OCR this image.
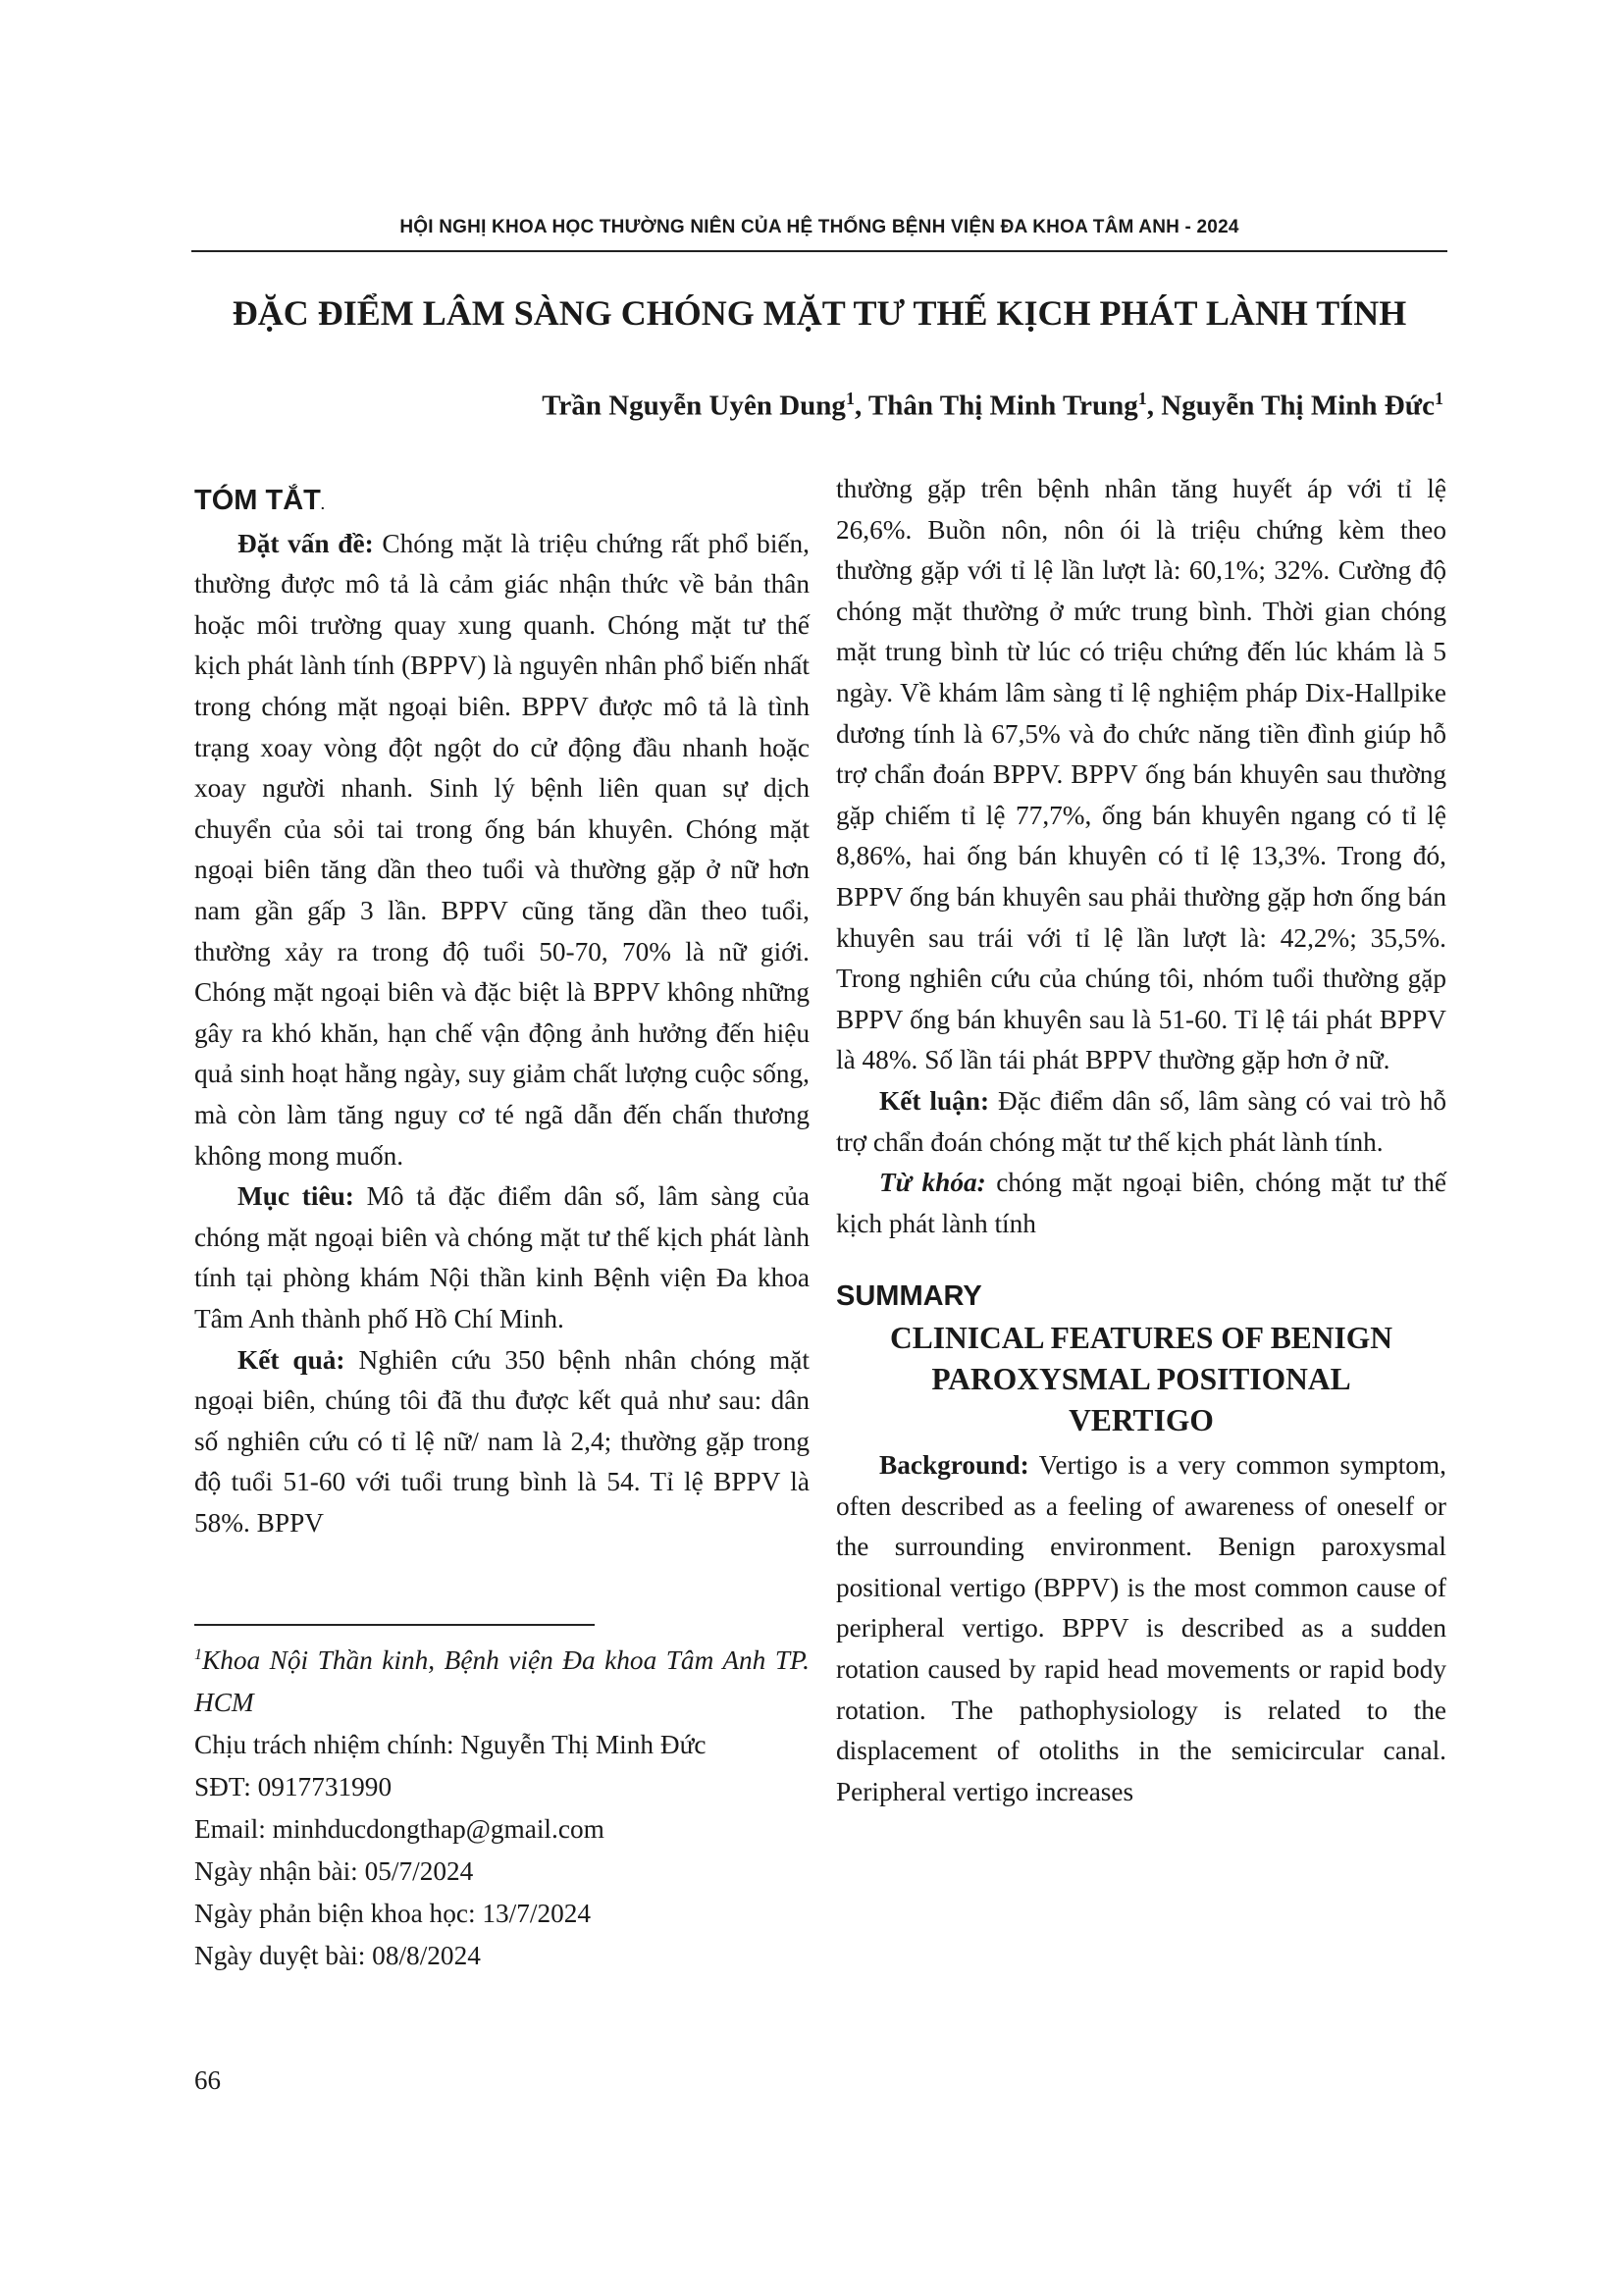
HỘI NGHỊ KHOA HỌC THƯỜNG NIÊN CỦA HỆ THỐNG BỆNH VIỆN ĐA KHOA TÂM ANH - 2024
ĐẶC ĐIỂM LÂM SÀNG CHÓNG MẶT TƯ THẾ KỊCH PHÁT LÀNH TÍNH
Trần Nguyễn Uyên Dung$^1$, Thân Thị Minh Trung$^1$, Nguyễn Thị Minh Đức$^1$
TÓM TẮT.

Đặt vấn đề: Chóng mặt là triệu chứng rất phổ biến, thường được mô tả là cảm giác nhận thức về bản thân hoặc môi trường quay xung quanh. Chóng mặt tư thế kịch phát lành tính (BPPV) là nguyên nhân phổ biến nhất trong chóng mặt ngoại biên. BPPV được mô tả là tình trạng xoay vòng đột ngột do cử động đầu nhanh hoặc xoay người nhanh. Sinh lý bệnh liên quan sự dịch chuyển của sỏi tai trong ống bán khuyên. Chóng mặt ngoại biên tăng dần theo tuổi và thường gặp ở nữ hơn nam gần gấp 3 lần. BPPV cũng tăng dần theo tuổi, thường xảy ra trong độ tuổi 50-70, 70% là nữ giới. Chóng mặt ngoại biên và đặc biệt là BPPV không những gây ra khó khăn, hạn chế vận động ảnh hưởng đến hiệu quả sinh hoạt hằng ngày, suy giảm chất lượng cuộc sống, mà còn làm tăng nguy cơ té ngã dẫn đến chấn thương không mong muốn.

Mục tiêu: Mô tả đặc điểm dân số, lâm sàng của chóng mặt ngoại biên và chóng mặt tư thế kịch phát lành tính tại phòng khám Nội thần kinh Bệnh viện Đa khoa Tâm Anh thành phố Hồ Chí Minh.

Kết quả: Nghiên cứu 350 bệnh nhân chóng mặt ngoại biên, chúng tôi đã thu được kết quả như sau: dân số nghiên cứu có tỉ lệ nữ/ nam là 2,4; thường gặp trong độ tuổi 51-60 với tuổi trung bình là 54. Tỉ lệ BPPV là 58%. BPPV

$^1$Khoa Nội Thần kinh, Bệnh viện Đa khoa Tâm Anh TP. HCM

Chịu trách nhiệm chính: Nguyễn Thị Minh Đức

SĐT: 0917731990

Email: minhducdongthap@gmail.com

Ngày nhận bài: 05/7/2024

Ngày phản biện khoa học: 13/7/2024

Ngày duyệt bài: 08/8/2024

thường gặp trên bệnh nhân tăng huyết áp với tỉ lệ 26,6%. Buồn nôn, nôn ói là triệu chứng kèm theo thường gặp với tỉ lệ lần lượt là: 60,1%; 32%. Cường độ chóng mặt thường ở mức trung bình. Thời gian chóng mặt trung bình từ lúc có triệu chứng đến lúc khám là 5 ngày. Về khám lâm sàng tỉ lệ nghiệm pháp Dix-Hallpike dương tính là 67,5% và đo chức năng tiền đình giúp hỗ trợ chẩn đoán BPPV. BPPV ống bán khuyên sau thường gặp chiếm tỉ lệ 77,7%, ống bán khuyên ngang có tỉ lệ 8,86%, hai ống bán khuyên có tỉ lệ 13,3%. Trong đó, BPPV ống bán khuyên sau phải thường gặp hơn ống bán khuyên sau trái với tỉ lệ lần lượt là: 42,2%; 35,5%. Trong nghiên cứu của chúng tôi, nhóm tuổi thường gặp BPPV ống bán khuyên sau là 51-60. Tỉ lệ tái phát BPPV là 48%. Số lần tái phát BPPV thường gặp hơn ở nữ.

Kết luận: Đặc điểm dân số, lâm sàng có vai trò hỗ trợ chẩn đoán chóng mặt tư thế kịch phát lành tính.

Từ khóa: chóng mặt ngoại biên, chóng mặt tư thế kịch phát lành tính

SUMMARY
CLINICAL FEATURES OF BENIGN
PAROXYSMAL POSITIONAL
VERTIGO

Background: Vertigo is a very common symptom, often described as a feeling of awareness of oneself or the surrounding environment. Benign paroxysmal positional vertigo (BPPV) is the most common cause of peripheral vertigo. BPPV is described as a sudden rotation caused by rapid head movements or rapid body rotation. The pathophysiology is related to the displacement of otoliths in the semicircular canal. Peripheral vertigo increases

66
